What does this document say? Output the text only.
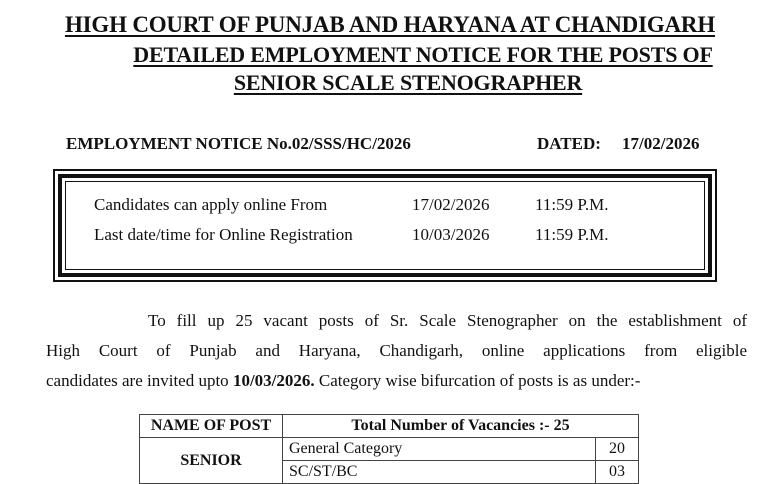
HIGH COURT OF PUNJAB AND HARYANA AT CHANDIGARH
DETAILED EMPLOYMENT NOTICE FOR THE POSTS OF
SENIOR SCALE STENOGRAPHER
EMPLOYMENT NOTICE No.02/SSS/HC/2026	DATED: 17/02/2026
Candidates can apply online From	17/02/2026	11:59 P.M.
Last date/time for Online Registration	10/03/2026	11:59 P.M.
To fill up 25 vacant posts of Sr. Scale Stenographer on the establishment of
High Court of Punjab and Haryana, Chandigarh, online applications from eligible
candidates are invited upto 10/03/2026. Category wise bifurcation of posts is as under:-
NAME OF POST	Total Number of Vacancies :- 25	
SENIOR	General Category	20
	SC/ST/BC	03
